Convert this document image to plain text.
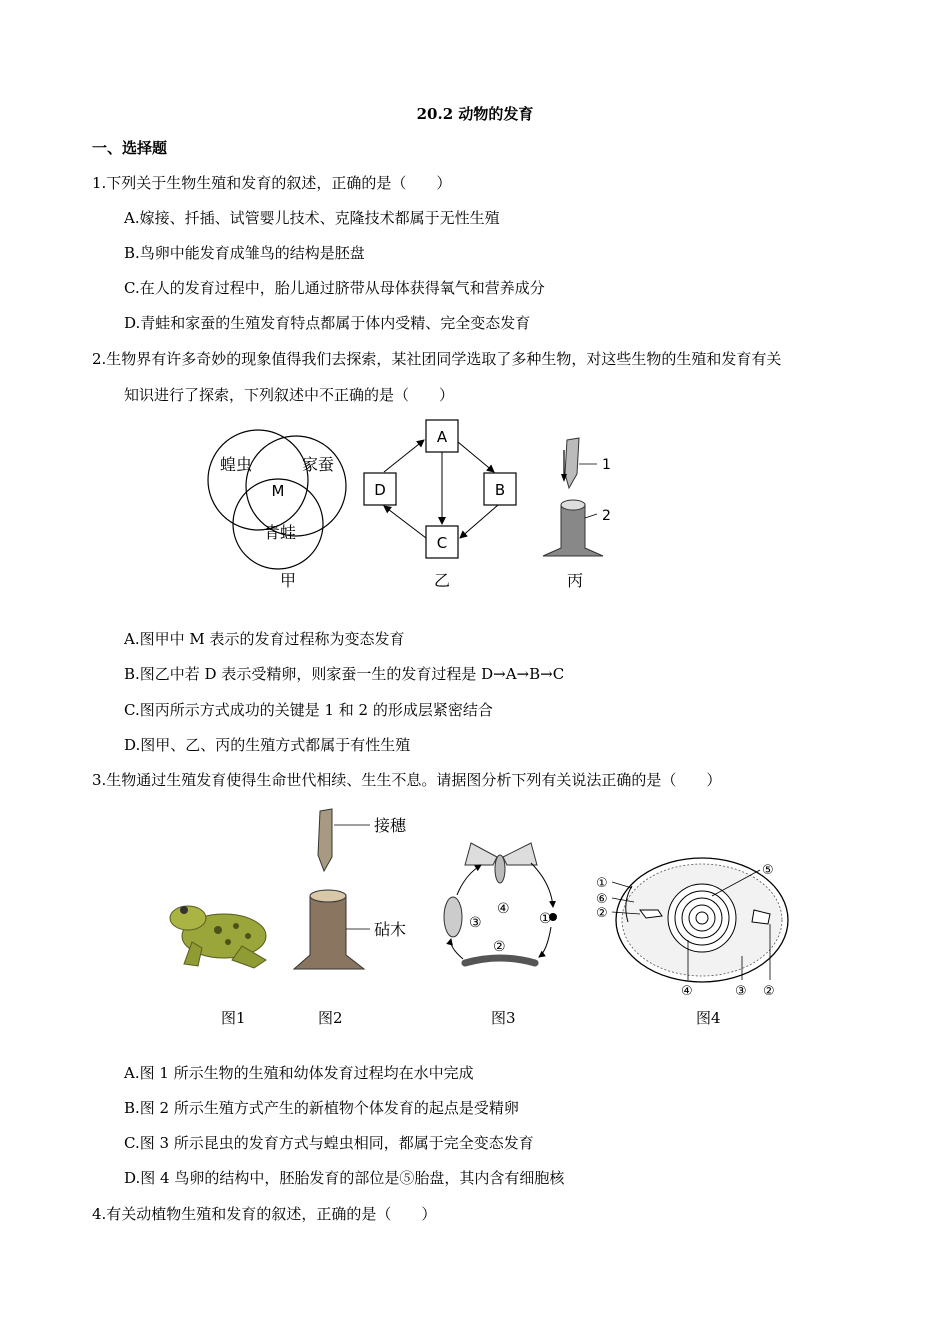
20.2 动物的发育
一、选择题
1.下列关于生物生殖和发育的叙述，正确的是（　　）
A.嫁接、扦插、试管婴儿技术、克隆技术都属于无性生殖
B.鸟卵中能发育成雏鸟的结构是胚盘
C.在人的发育过程中，胎儿通过脐带从母体获得氧气和营养成分
D.青蛙和家蚕的生殖发育特点都属于体内受精、完全变态发育
2.生物界有许多奇妙的现象值得我们去探索，某社团同学选取了多种生物，对这些生物的生殖和发育有关
知识进行了探索，下列叙述中不正确的是（　　）
蝗虫	家蚕
M
青蛙
甲
A
B
C
D
乙
1
2
丙
A.图甲中 M 表示的发育过程称为变态发育
B.图乙中若 D 表示受精卵，则家蚕一生的发育过程是 D→A→B→C
C.图丙所示方式成功的关键是 1 和 2 的形成层紧密结合
D.图甲、乙、丙的生殖方式都属于有性生殖
3.生物通过生殖发育使得生命世代相续、生生不息。请据图分析下列有关说法正确的是（　　）
接穗
砧木
①
②
③
④
①
⑥
②
⑤
④	③ ②
图1	图2	图3	图4
A.图 1 所示生物的生殖和幼体发育过程均在水中完成
B.图 2 所示生殖方式产生的新植物个体发育的起点是受精卵
C.图 3 所示昆虫的发育方式与蝗虫相同，都属于完全变态发育
D.图 4 鸟卵的结构中，胚胎发育的部位是⑤胎盘，其内含有细胞核
4.有关动植物生殖和发育的叙述，正确的是（　　）
